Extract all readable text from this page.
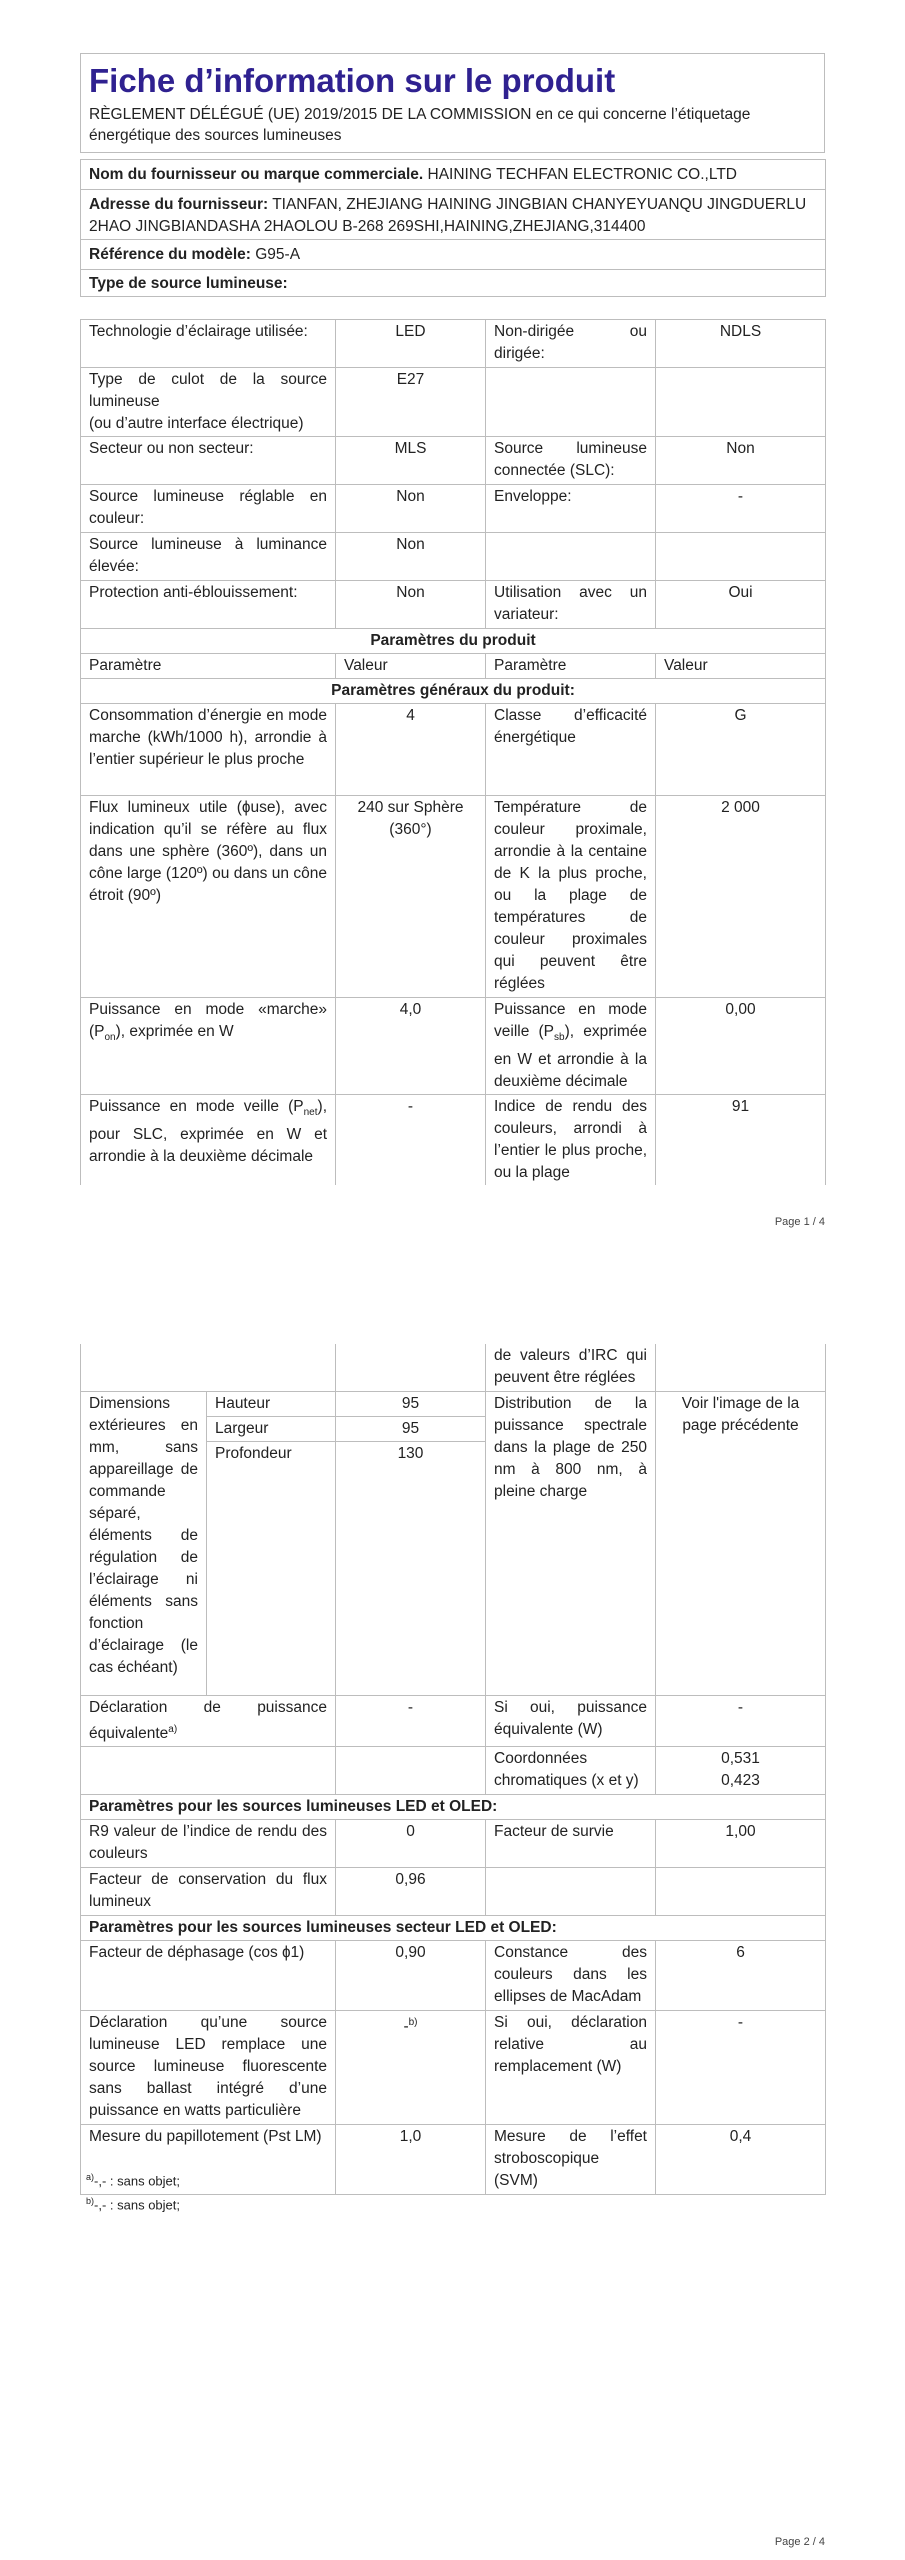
Fiche d’information sur le produit

RÈGLEMENT DÉLÉGUÉ (UE) 2019/2015 DE LA COMMISSION en ce qui concerne l’étiquetage énergétique des sources lumineuses

Nom du fournisseur ou marque commerciale. HAINING TECHFAN ELECTRONIC CO.,LTD
Adresse du fournisseur: TIANFAN, ZHEJIANG HAINING JINGBIAN CHANYEYUANQU JINGDUERLU 2HAO JINGBIANDASHA 2HAOLOU B-268 269SHI,HAINING,ZHEJIANG,314400
Référence du modèle: G95-A
Type de source lumineuse:
Technologie d’éclairage utilisée:	LED	Non-dirigée ou dirigée:	NDLS

Type de culot de la source lumineuse
(ou d’autre interface électrique)	E27		
Secteur ou non secteur:	MLS	Source lumineuse connectée (SLC):	Non
Source lumineuse réglable en couleur:	Non	Enveloppe:	-
Source lumineuse à luminance élevée:	Non		
Protection anti-éblouissement:	Non	Utilisation avec un variateur:	Oui
Paramètres du produit			
Paramètre	Valeur	Paramètre	Valeur
Paramètres généraux du produit:			
Consommation d’énergie en mode marche (kWh/1000 h), arrondie à l’entier supérieur le plus proche	4	Classe d’efficacité énergétique	G
Flux lumineux utile (ɸuse), avec indication qu’il se réfère au flux dans une sphère (360º), dans un cône large (120º) ou dans un cône étroit (90º)	240 sur Sphère (360°)	Température de couleur proximale, arrondie à la centaine de K la plus proche, ou la plage de températures de couleur proximales qui peuvent être réglées	2 000
Puissance en mode «marche» $(P_{on})$, exprimée en W	4,0	Puissance en mode veille $(P_{sb})$, exprimée en W et arrondie à la deuxième décimale	0,00
Puissance en mode veille $(P_{net})$, pour SLC, exprimée en W et arrondie à la deuxième décimale	-	Indice de rendu des couleurs, arrondi à l’entier le plus proche, ou la plage	91
Page 1 / 4
			de valeurs d’IRC qui peuvent être réglées	
Dimensions extérieures en mm, sans appareillage de commande séparé, éléments de régulation de l’éclairage ni éléments sans fonction d’éclairage (le cas échéant)	Hauteur	95	Distribution de la puissance spectrale dans la plage de 250 nm à 800 nm, à pleine charge	Voir l'image de la page précédente
	Largeur	95		
	Profondeur	130		

Déclaration de puissance équivalente$^{a)}$		-	Si oui, puissance équivalente (W)	-
			Coordonnées chromatiques (x et y)	0,531
0,423

Paramètres pour les sources lumineuses LED et OLED:				
R9 valeur de l’indice de rendu des couleurs		0	Facteur de survie	1,00
Facteur de conservation du flux lumineux		0,96		
Paramètres pour les sources lumineuses secteur LED et OLED:				
Facteur de déphasage (cos ɸ1)		0,90	Constance des couleurs dans les ellipses de MacAdam	6
Déclaration qu’une source lumineuse LED remplace une source lumineuse fluorescente sans ballast intégré d’une puissance en watts particulière		-$^{b)}$	Si oui, déclaration relative au remplacement (W)	-
Mesure du papillotement (Pst LM)		1,0	Mesure de l’effet stroboscopique (SVM)	0,4
$^{a)}$-,- : sans objet;
$^{b)}$-,- : sans objet;
Page 2 / 4
